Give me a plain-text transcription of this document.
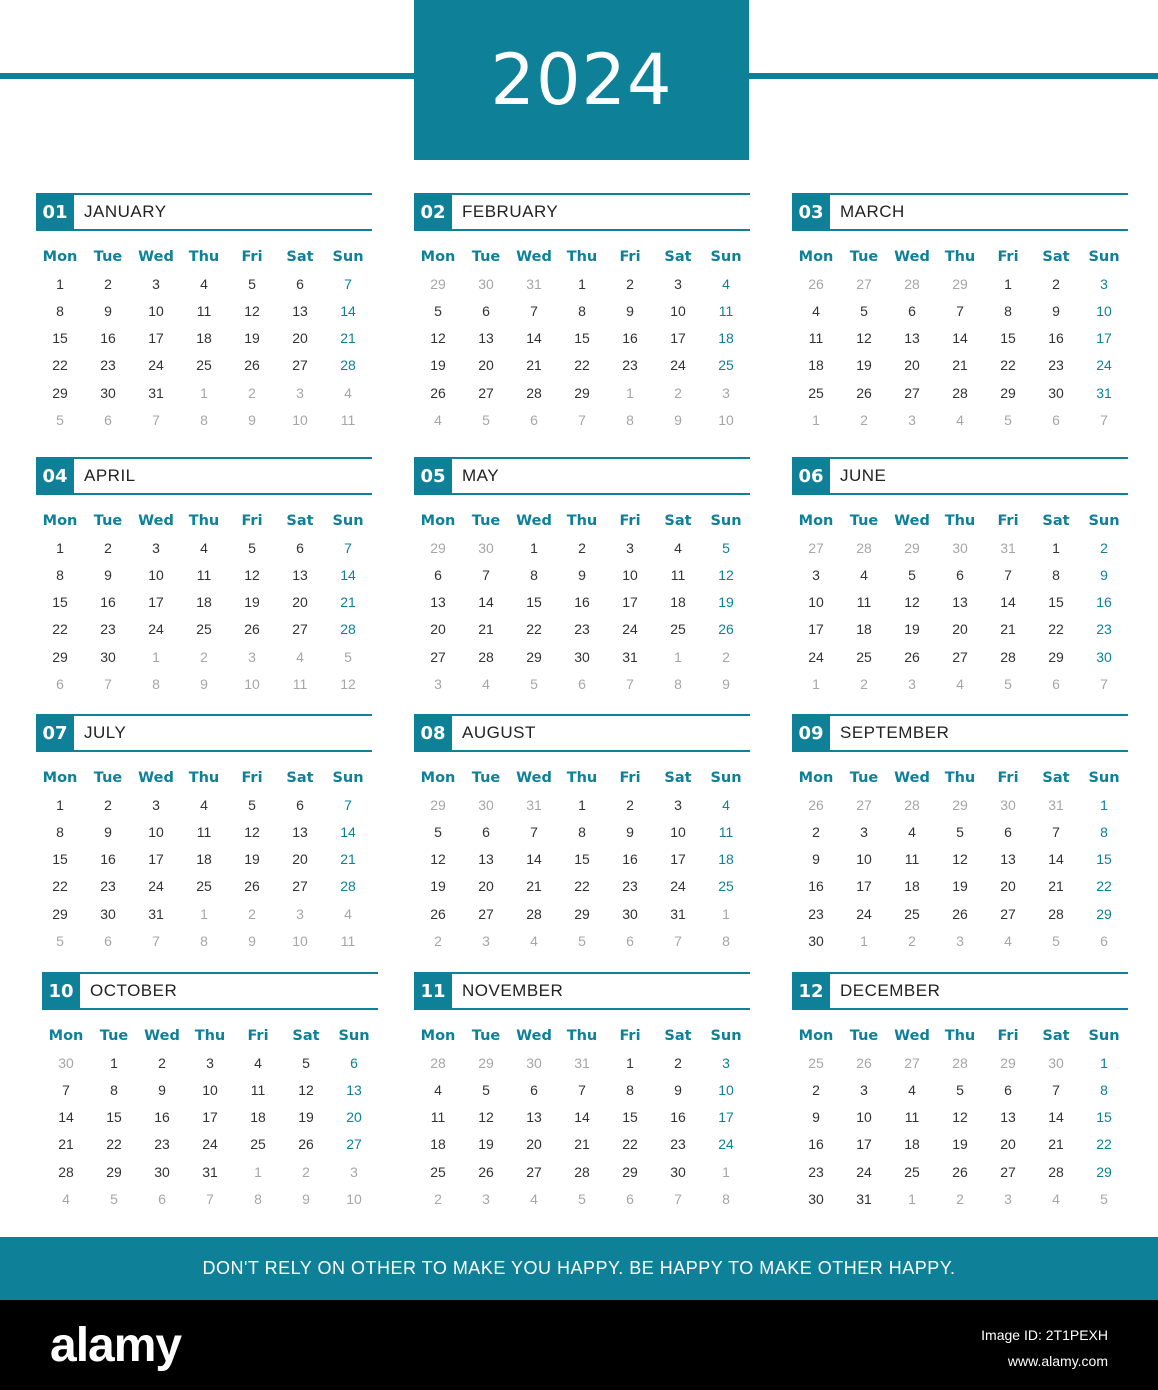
2024
01 JANUARY
Mon	Tue	Wed	Thu	Fri	Sat	Sun
1	2	3	4	5	6	7
8	9	10	11	12	13	14
15	16	17	18	19	20	21
22	23	24	25	26	27	28
29	30	31	1	2	3	4
5	6	7	8	9	10	11
02 FEBRUARY
Mon	Tue	Wed	Thu	Fri	Sat	Sun
29	30	31	1	2	3	4
5	6	7	8	9	10	11
12	13	14	15	16	17	18
19	20	21	22	23	24	25
26	27	28	29	1	2	3
4	5	6	7	8	9	10
03 MARCH
Mon	Tue	Wed	Thu	Fri	Sat	Sun
26	27	28	29	1	2	3
4	5	6	7	8	9	10
11	12	13	14	15	16	17
18	19	20	21	22	23	24
25	26	27	28	29	30	31
1	2	3	4	5	6	7
04 APRIL
Mon	Tue	Wed	Thu	Fri	Sat	Sun
1	2	3	4	5	6	7
8	9	10	11	12	13	14
15	16	17	18	19	20	21
22	23	24	25	26	27	28
29	30	1	2	3	4	5
6	7	8	9	10	11	12
05 MAY
Mon	Tue	Wed	Thu	Fri	Sat	Sun
29	30	1	2	3	4	5
6	7	8	9	10	11	12
13	14	15	16	17	18	19
20	21	22	23	24	25	26
27	28	29	30	31	1	2
3	4	5	6	7	8	9
06 JUNE
Mon	Tue	Wed	Thu	Fri	Sat	Sun
27	28	29	30	31	1	2
3	4	5	6	7	8	9
10	11	12	13	14	15	16
17	18	19	20	21	22	23
24	25	26	27	28	29	30
1	2	3	4	5	6	7
07 JULY
Mon	Tue	Wed	Thu	Fri	Sat	Sun
1	2	3	4	5	6	7
8	9	10	11	12	13	14
15	16	17	18	19	20	21
22	23	24	25	26	27	28
29	30	31	1	2	3	4
5	6	7	8	9	10	11
08 AUGUST
Mon	Tue	Wed	Thu	Fri	Sat	Sun
29	30	31	1	2	3	4
5	6	7	8	9	10	11
12	13	14	15	16	17	18
19	20	21	22	23	24	25
26	27	28	29	30	31	1
2	3	4	5	6	7	8
09 SEPTEMBER
Mon	Tue	Wed	Thu	Fri	Sat	Sun
26	27	28	29	30	31	1
2	3	4	5	6	7	8
9	10	11	12	13	14	15
16	17	18	19	20	21	22
23	24	25	26	27	28	29
30	1	2	3	4	5	6
10 OCTOBER
Mon	Tue	Wed	Thu	Fri	Sat	Sun
30	1	2	3	4	5	6
7	8	9	10	11	12	13
14	15	16	17	18	19	20
21	22	23	24	25	26	27
28	29	30	31	1	2	3
4	5	6	7	8	9	10
11 NOVEMBER
Mon	Tue	Wed	Thu	Fri	Sat	Sun
28	29	30	31	1	2	3
4	5	6	7	8	9	10
11	12	13	14	15	16	17
18	19	20	21	22	23	24
25	26	27	28	29	30	1
2	3	4	5	6	7	8
12 DECEMBER
Mon	Tue	Wed	Thu	Fri	Sat	Sun
25	26	27	28	29	30	1
2	3	4	5	6	7	8
9	10	11	12	13	14	15
16	17	18	19	20	21	22
23	24	25	26	27	28	29
30	31	1	2	3	4	5
DON'T RELY ON OTHER TO MAKE YOU HAPPY. BE HAPPY TO MAKE OTHER HAPPY.
alamy	Image ID: 2T1PEXH
www.alamy.com
